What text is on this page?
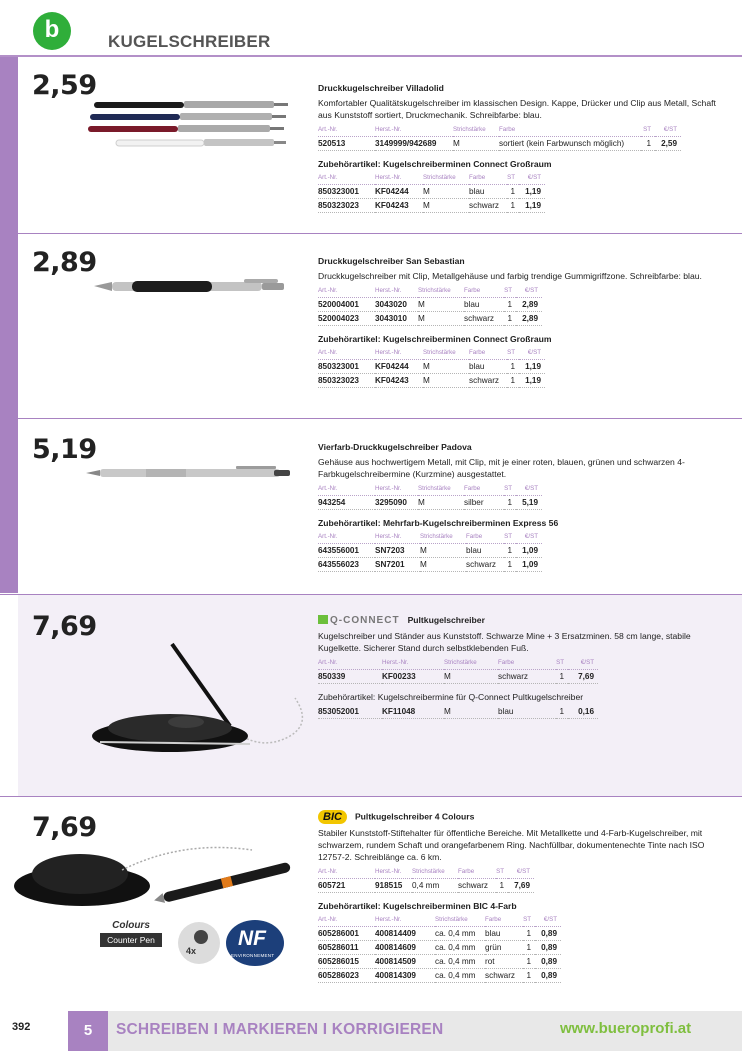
b	KUGELSCHREIBER
2,59	Druckkugelschreiber Villadolid
Komfortabler Qualitätskugelschreiber im klassischen Design. Kappe, Drücker und Clip aus Metall, Schaft aus Kunststoff sortiert, Druckmechanik. Schreibfarbe: blau.
Art.-Nr.	Herst.-Nr.	Strichstärke	Farbe	ST	€/ST
520513	3149999/942689	M	sortiert (kein Farbwunsch möglich)	1	2,59
Zubehörartikel: Kugelschreiberminen Connect Großraum
Art.-Nr.	Herst.-Nr.	Strichstärke	Farbe	ST	€/ST
850323001	KF04244	M	blau	1	1,19
850323023	KF04243	M	schwarz	1	1,19
2,89	Druckkugelschreiber San Sebastian
Druckkugelschreiber mit Clip, Metallgehäuse und farbig trendige Gummigriffzone. Schreibfarbe: blau.
Art.-Nr.	Herst.-Nr.	Strichstärke	Farbe	ST	€/ST
520004001	3043020	M	blau	1	2,89
520004023	3043010	M	schwarz	1	2,89
Zubehörartikel: Kugelschreiberminen Connect Großraum
Art.-Nr.	Herst.-Nr.	Strichstärke	Farbe	ST	€/ST
850323001	KF04244	M	blau	1	1,19
850323023	KF04243	M	schwarz	1	1,19
5,19	Vierfarb-Druckkugelschreiber Padova
Gehäuse aus hochwertigem Metall, mit Clip, mit je einer roten, blauen, grünen und schwarzen 4-Farbkugelschreibermine (Kurzmine) ausgestattet.
Art.-Nr.	Herst.-Nr.	Strichstärke	Farbe	ST	€/ST
943254	3295090	M	silber	1	5,19
Zubehörartikel: Mehrfarb-Kugelschreiberminen Express 56
Art.-Nr.	Herst.-Nr.	Strichstärke	Farbe	ST	€/ST
643556001	SN7203	M	blau	1	1,09
643556023	SN7201	M	schwarz	1	1,09
7,69	Q-CONNECT Pultkugelschreiber
Kugelschreiber und Ständer aus Kunststoff. Schwarze Mine + 3 Ersatzminen. 58 cm lange, stabile Kugelkette. Sicherer Stand durch selbstklebenden Fuß.
Art.-Nr.	Herst.-Nr.	Strichstärke	Farbe	ST	€/ST
850339	KF00233	M	schwarz	1	7,69
Zubehörartikel: Kugelschreibermine für Q-Connect Pultkugelschreiber
853052001	KF11048	M	blau	1	0,16
7,69
Colours
Counter Pen
4x
NF
ENVIRONNEMENT
BIC Pultkugelschreiber 4 Colours
Stabiler Kunststoff-Stiftehalter für öffentliche Bereiche. Mit Metallkette und 4-Farb-Kugelschreiber, mit schwarzem, rundem Schaft und orangefarbenem Ring. Nachfüllbar, dokumentenechte Tinte nach ISO 12757-2. Schreiblänge ca. 6 km.
Art.-Nr.	Herst.-Nr.	Strichstärke	Farbe	ST	€/ST
605721	918515	0,4 mm	schwarz	1	7,69
Zubehörartikel: Kugelschreiberminen BIC 4-Farb
Art.-Nr.	Herst.-Nr.	Strichstärke	Farbe	ST	€/ST
605286001	400814409	ca. 0,4 mm	blau	1	0,89
605286011	400814609	ca. 0,4 mm	grün	1	0,89
605286015	400814509	ca. 0,4 mm	rot	1	0,89
605286023	400814309	ca. 0,4 mm	schwarz	1	0,89
392	5	SCHREIBEN I MARKIEREN I KORRIGIEREN	www.bueroprofi.at
